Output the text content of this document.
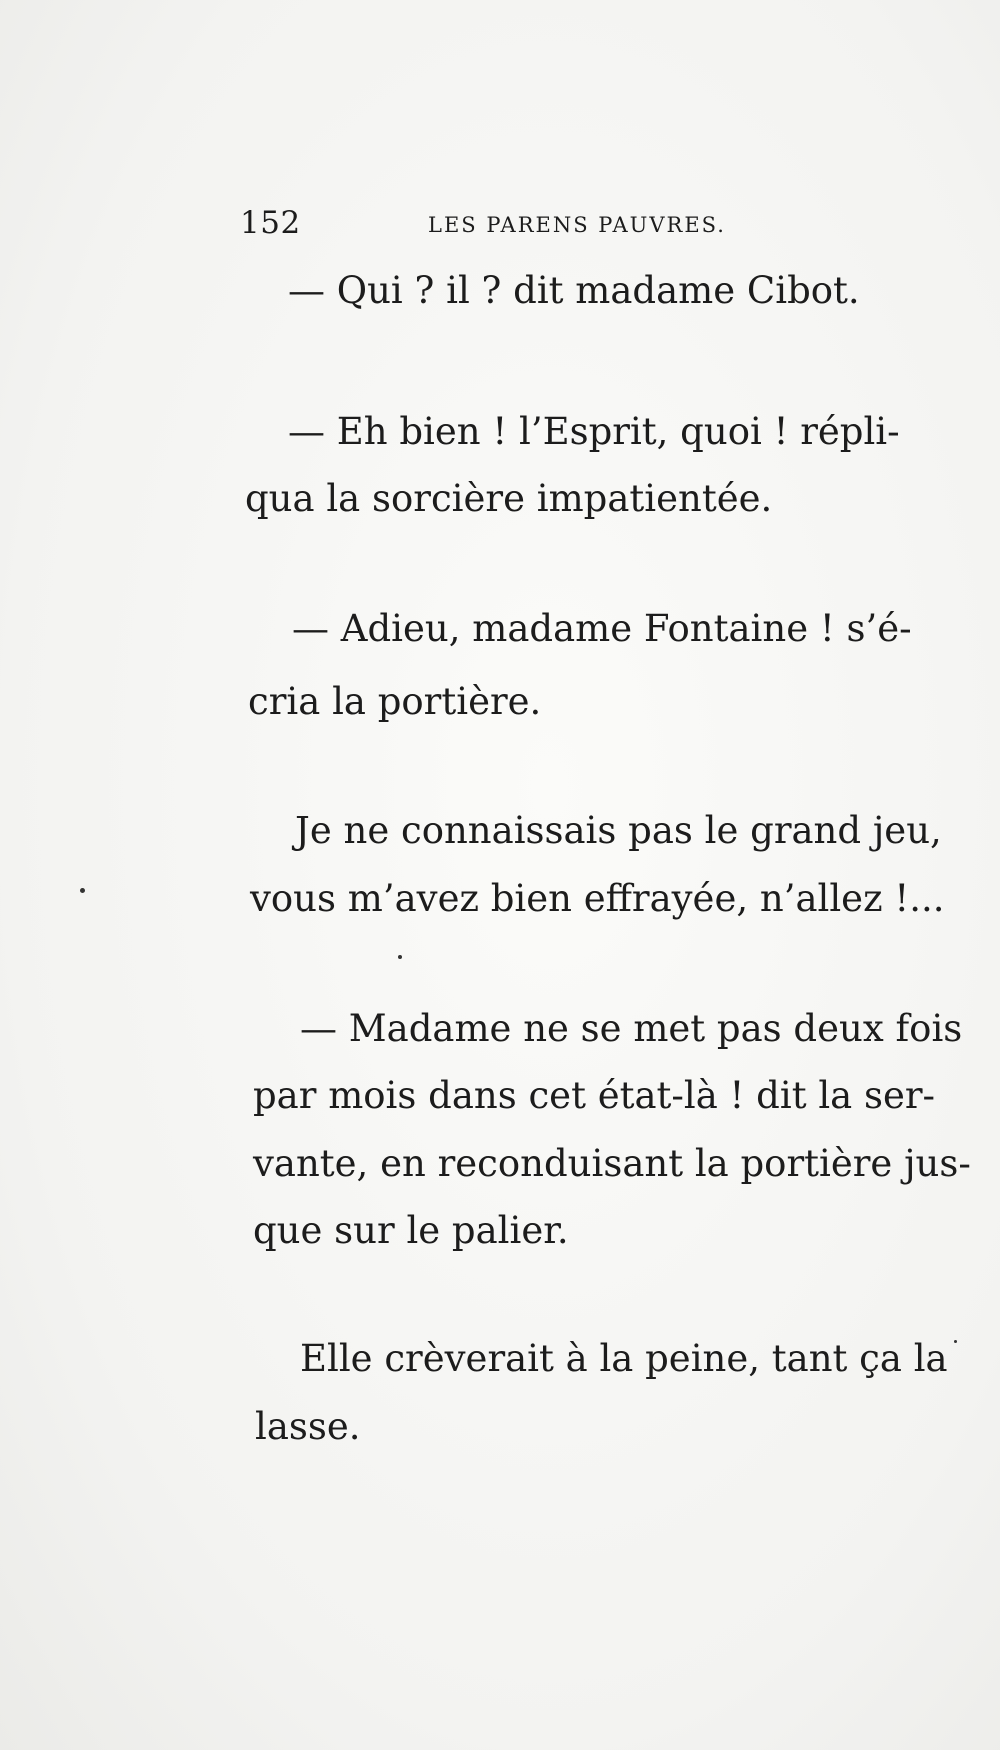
152	LES PARENS PAUVRES.
— Qui ? il ? dit madame Cibot.
— Eh bien ! l’Esprit, quoi ! répli-
qua la sorcière impatientée.
— Adieu, madame Fontaine ! s’é-
cria la portière.
Je ne connaissais pas le grand jeu,
vous m’avez bien effrayée, n’allez !...
— Madame ne se met pas deux fois
par mois dans cet état-là ! dit la ser-
vante, en reconduisant la portière jus-
que sur le palier.
Elle crèverait à la peine, tant ça la
lasse.
